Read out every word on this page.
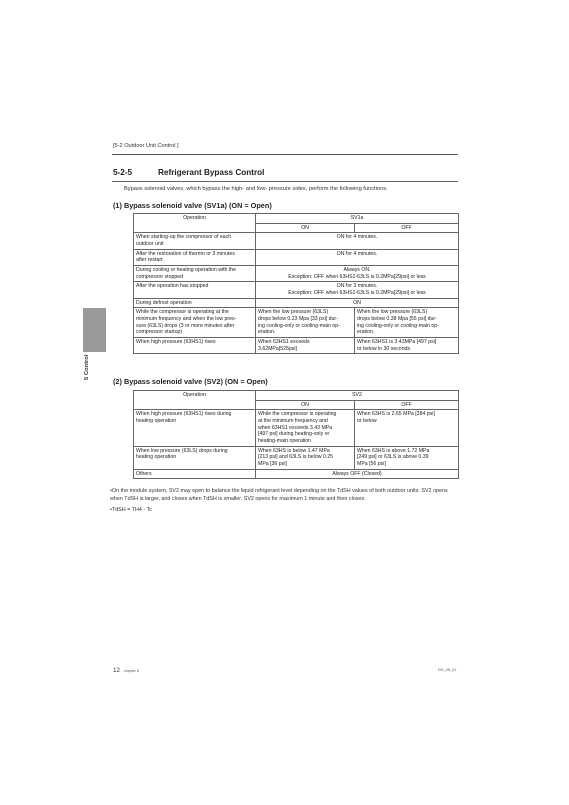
[5-2 Outdoor Unit Control ]
5 Control
5-2-5	Refrigerant Bypass Control
Bypass solenoid valves, which bypass the high- and low- pressure sides, perform the following functions.
(1) Bypass solenoid valve (SV1a) (ON = Open)
Operation	SV1a	
	ON	OFF
When starting-up the compressor of each
outdoor unit	ON for 4 minutes.	
After the restoration of thermo or 3 minutes
after restart	ON for 4 minutes.	
During cooling or heating operation with the
compressor stopped	Always ON.
Exception: OFF when 63HS1-63LS is 0.2MPa[29psi] or less	
After the operation has stopped	ON for 3 minutes.
Exception: OFF when 63HS1-63LS is 0.2MPa[29psi] or less	
During defrost operation	ON	
While the compressor is operating at the
minimum frequency and when the low pres-
sure (63LS) drops (3 or more minutes after
compressor startup)	When the low pressure (63LS)
drops below 0.23 Mpa [33 psi] dur-
ing cooling-only or cooling-main op-
eration.	When the low pressure (63LS)
drops below 0.38 Mpa [55 psi] dur-
ing cooling-only or cooling-main op-
eration.
When high pressure (63HS1) rises	When 63HS1 exceeds
3.62MPa[525psi]	When 63HS1 is 3.43MPa [497 psi]
or below in 30 seconds
(2) Bypass solenoid valve (SV2) (ON = Open)
Operation	SV2	
	ON	OFF
When high pressure (63HS1) rises during
heating operation	While the compressor is operating
at the minimum frequency and
when 63HS1 exceeds 3.43 MPa
[497 psi] during heating-only or
heating-main operation	When 63HS is 2.65 MPa [384 psi]
or below
When low pressure (63LS) drops during
heating operation	When 63HS is below 1.47 MPa
[213 psi] and 63LS is below 0.25
MPa [36 psi]	When 63HS is above 1.72 MPa
[249 psi] or 63LS is above 0.39
MPa [56 psi]
Others	Always OFF (Closed)	
•On the module system, SV2 may open to balance the liquid refrigerant level depending on the TdSH values of both outdoor units. SV2 opens when TdSH is larger, and closes when TdSH is smaller. SV2 opens for maximum 1 minute and then closes.
•TdSH = TH4 - Tc
12 - chapter 5	DG_05_01
